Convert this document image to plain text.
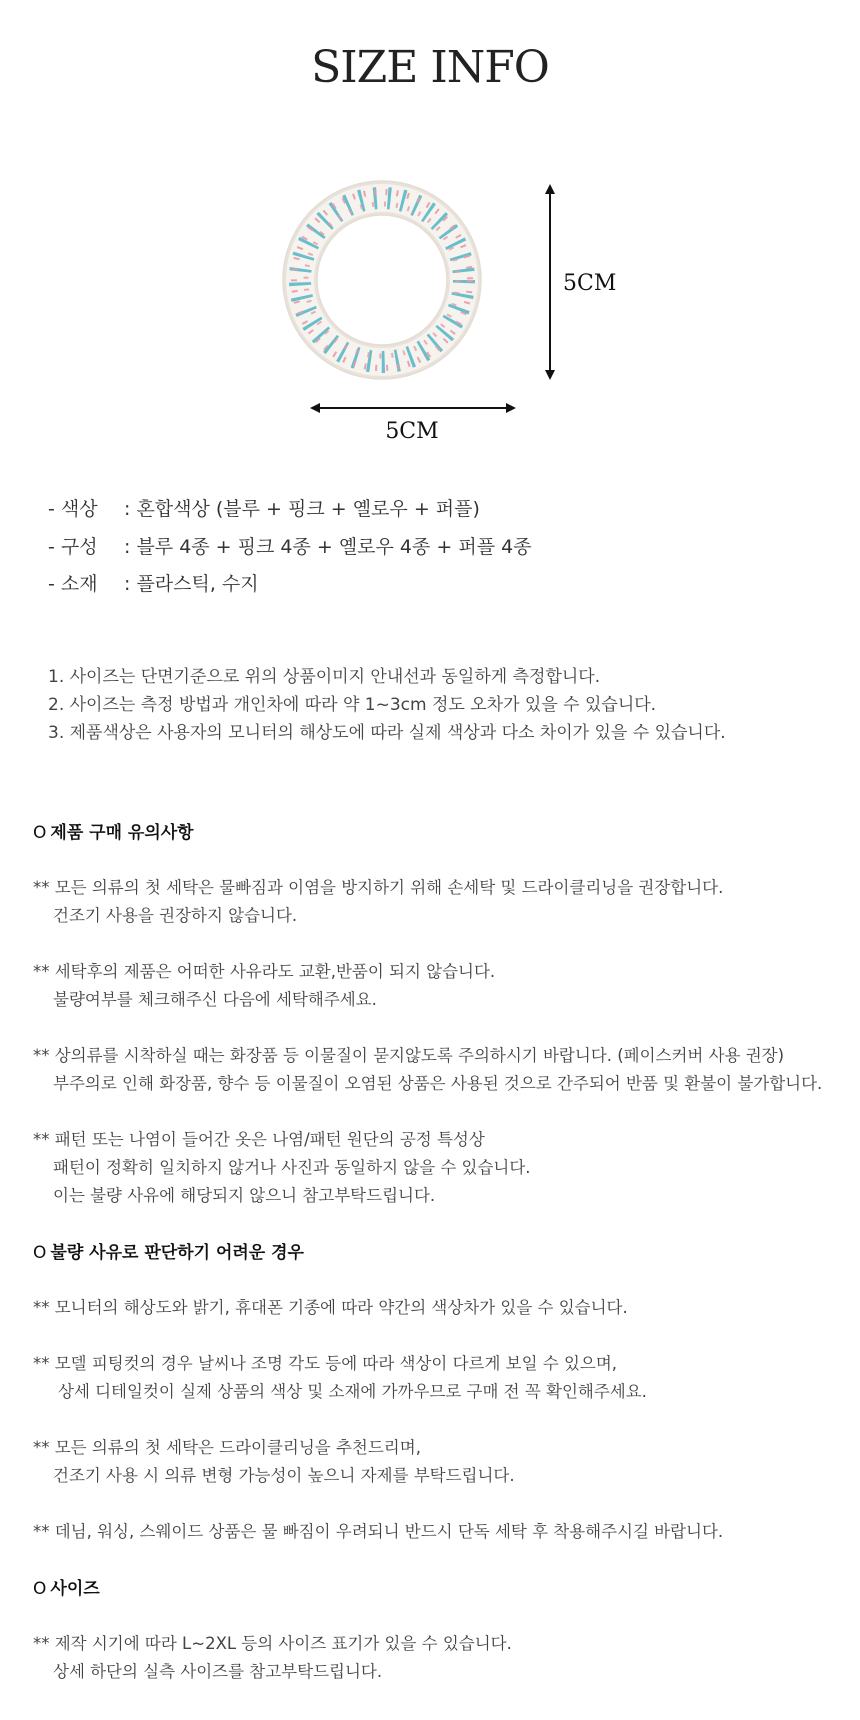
SIZE INFO
5CM
5CM
- 색상 : 혼합색상 (블루 + 핑크 + 옐로우 + 퍼플)
- 구성 : 블루 4종 + 핑크 4종 + 옐로우 4종 + 퍼플 4종
- 소재 : 플라스틱, 수지
1. 사이즈는 단면기준으로 위의 상품이미지 안내선과 동일하게 측정합니다.
2. 사이즈는 측정 방법과 개인차에 따라 약 1~3cm 정도 오차가 있을 수 있습니다.
3. 제품색상은 사용자의 모니터의 해상도에 따라 실제 색상과 다소 차이가 있을 수 있습니다.
O 제품 구매 유의사항
** 모든 의류의 첫 세탁은 물빠짐과 이염을 방지하기 위해 손세탁 및 드라이클리닝을 권장합니다.
건조기 사용을 권장하지 않습니다.
** 세탁후의 제품은 어떠한 사유라도 교환,반품이 되지 않습니다.
불량여부를 체크해주신 다음에 세탁해주세요.
** 상의류를 시착하실 때는 화장품 등 이물질이 묻지않도록 주의하시기 바랍니다. (페이스커버 사용 권장)
부주의로 인해 화장품, 향수 등 이물질이 오염된 상품은 사용된 것으로 간주되어 반품 및 환불이 불가합니다.
** 패턴 또는 나염이 들어간 옷은 나염/패턴 원단의 공정 특성상
패턴이 정확히 일치하지 않거나 사진과 동일하지 않을 수 있습니다.
이는 불량 사유에 해당되지 않으니 참고부탁드립니다.
O 불량 사유로 판단하기 어려운 경우
** 모니터의 해상도와 밝기, 휴대폰 기종에 따라 약간의 색상차가 있을 수 있습니다.
** 모델 피팅컷의 경우 날씨나 조명 각도 등에 따라 색상이 다르게 보일 수 있으며,
상세 디테일컷이 실제 상품의 색상 및 소재에 가까우므로 구매 전 꼭 확인해주세요.
** 모든 의류의 첫 세탁은 드라이클리닝을 추천드리며,
건조기 사용 시 의류 변형 가능성이 높으니 자제를 부탁드립니다.
** 데님, 워싱, 스웨이드 상품은 물 빠짐이 우려되니 반드시 단독 세탁 후 착용해주시길 바랍니다.
O 사이즈
** 제작 시기에 따라 L~2XL 등의 사이즈 표기가 있을 수 있습니다.
상세 하단의 실측 사이즈를 참고부탁드립니다.
